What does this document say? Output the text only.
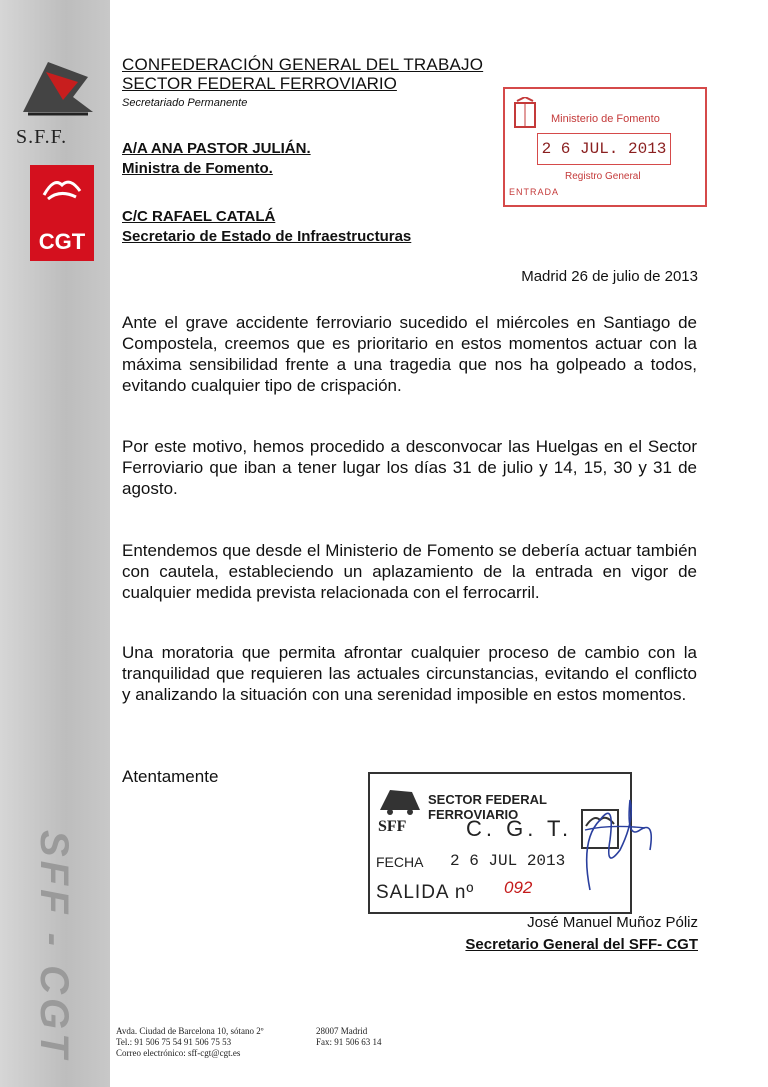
S.F.F.
CGT
SFF - CGT
CONFEDERACIÓN GENERAL DEL TRABAJO
SECTOR FEDERAL FERROVIARIO
Secretariado Permanente
A/A ANA PASTOR JULIÁN.
Ministra de Fomento.
C/C RAFAEL CATALÁ
Secretario de Estado de Infraestructuras
Ministerio de Fomento
2 6 JUL. 2013
Registro General
ENTRADA
Madrid 26 de julio de 2013
Ante el grave accidente ferroviario sucedido el miércoles en Santiago de Compostela, creemos que es prioritario en estos momentos actuar con la máxima sensibilidad frente a una tragedia que nos ha golpeado a todos, evitando cualquier tipo de crispación.
Por este motivo, hemos procedido a desconvocar las Huelgas en el Sector Ferroviario que iban a tener lugar los días 31 de julio y 14, 15, 30 y 31 de agosto.
Entendemos que desde el Ministerio de Fomento se debería actuar también con cautela, estableciendo un aplazamiento de la entrada en vigor de cualquier medida prevista relacionada con el ferrocarril.
Una moratoria que permita afrontar cualquier proceso de cambio con la tranquilidad que requieren las actuales circunstancias, evitando el conflicto y analizando la situación con una serenidad imposible en estos momentos.
Atentamente
SECTOR FEDERAL FERROVIARIO
SFF	C. G. T.
FECHA 2 6 JUL 2013
SALIDA nº 092
José Manuel Muñoz Póliz
Secretario General del SFF- CGT
Avda. Ciudad de Barcelona 10, sótano 2º
Tel.: 91 506 75 54 91 506 75 53
Correo electrónico: sff-cgt@cgt.es
28007 Madrid
Fax: 91 506 63 14
